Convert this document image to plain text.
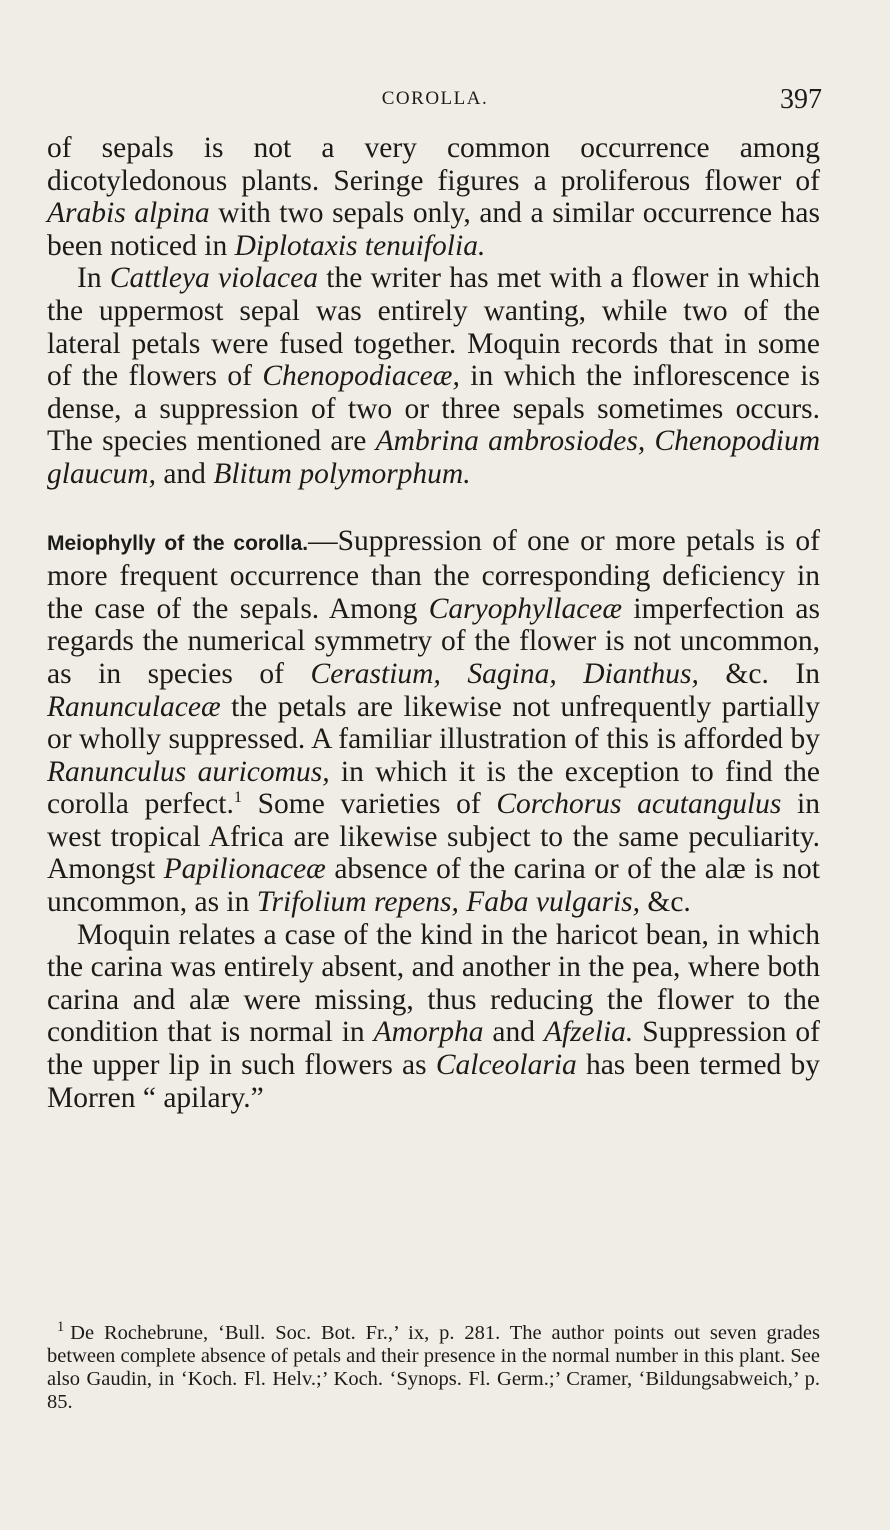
COROLLA.	397

of sepals is not a very common occurrence among dicotyledonous plants. Seringe figures a proliferous flower of Arabis alpina with two sepals only, and a similar occurrence has been noticed in Diplotaxis tenuifolia.

In Cattleya violacea the writer has met with a flower in which the uppermost sepal was entirely wanting, while two of the lateral petals were fused together. Moquin records that in some of the flowers of Chenopodiaceæ, in which the inflorescence is dense, a suppression of two or three sepals sometimes occurs. The species mentioned are Ambrina ambrosiodes, Chenopodium glaucum, and Blitum polymorphum.

Meiophylly of the corolla.—Suppression of one or more petals is of more frequent occurrence than the corresponding deficiency in the case of the sepals. Among Caryophyllaceæ imperfection as regards the numerical symmetry of the flower is not uncommon, as in species of Cerastium, Sagina, Dianthus, &c. In Ranunculaceæ the petals are likewise not unfrequently partially or wholly suppressed. A familiar illustration of this is afforded by Ranunculus auricomus, in which it is the exception to find the corolla perfect.$^1$ Some varieties of Corchorus acutangulus in west tropical Africa are likewise subject to the same peculiarity. Amongst Papilionaceæ absence of the carina or of the alæ is not uncommon, as in Trifolium repens, Faba vulgaris, &c.

Moquin relates a case of the kind in the haricot bean, in which the carina was entirely absent, and another in the pea, where both carina and alæ were missing, thus reducing the flower to the condition that is normal in Amorpha and Afzelia. Suppression of the upper lip in such flowers as Calceolaria has been termed by Morren “ apilary.”

$^1$ De Rochebrune, ‘Bull. Soc. Bot. Fr.,’ ix, p. 281. The author points out seven grades between complete absence of petals and their presence in the normal number in this plant. See also Gaudin, in ‘Koch. Fl. Helv.;’ Koch. ‘Synops. Fl. Germ.;’ Cramer, ‘Bildungsabweich,’ p. 85.
